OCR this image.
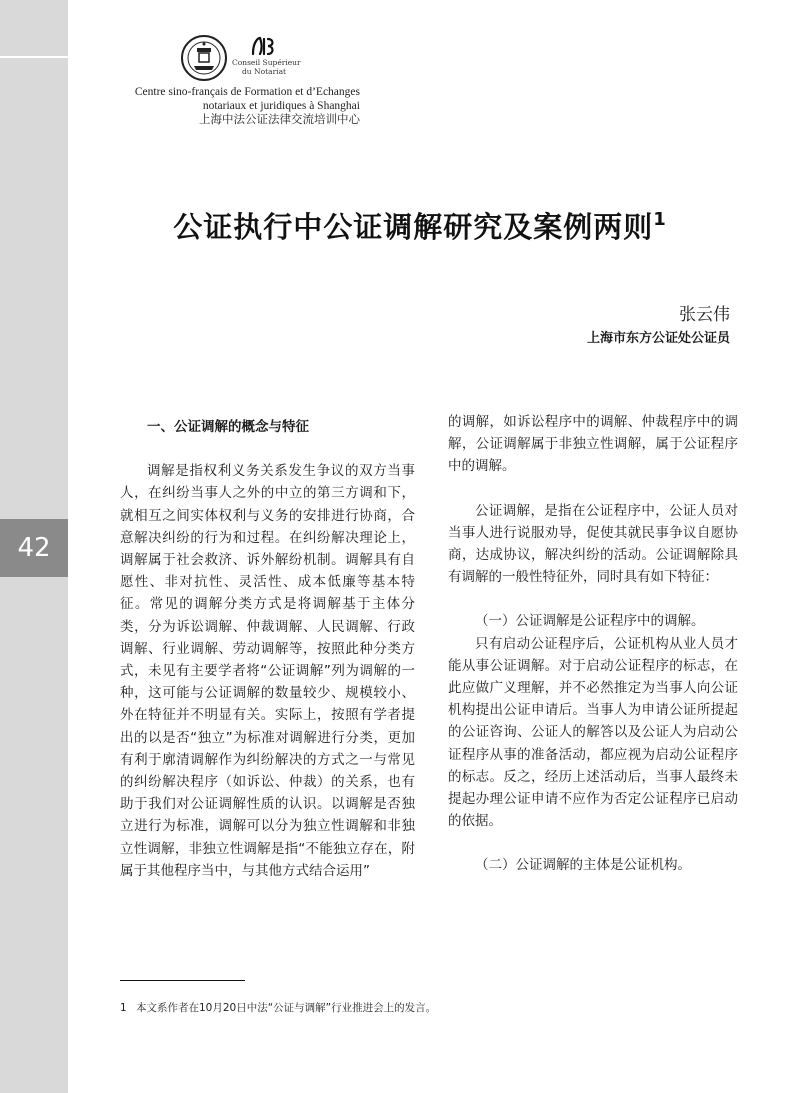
42
Conseil Supérieur
du Notariat
Centre sino-français de Formation et d’Echanges
notariaux et juridiques à Shanghai
上海中法公证法律交流培训中心
公证执行中公证调解研究及案例两则$^1$
张云伟
上海市东方公证处公证员

一、公证调解的概念与特征

调解是指权利义务关系发生争议的双方当事人，在纠纷当事人之外的中立的第三方调和下，就相互之间实体权利与义务的安排进行协商，合意解决纠纷的行为和过程。在纠纷解决理论上，调解属于社会救济、诉外解纷机制。调解具有自愿性、非对抗性、灵活性、成本低廉等基本特征。常见的调解分类方式是将调解基于主体分类，分为诉讼调解、仲裁调解、人民调解、行政调解、行业调解、劳动调解等，按照此种分类方式，未见有主要学者将“公证调解”列为调解的一种，这可能与公证调解的数量较少、规模较小、外在特征并不明显有关。实际上，按照有学者提出的以是否“独立”为标准对调解进行分类，更加有利于廓清调解作为纠纷解决的方式之一与常见的纠纷解决程序（如诉讼、仲裁）的关系，也有助于我们对公证调解性质的认识。以调解是否独立进行为标准，调解可以分为独立性调解和非独立性调解，非独立性调解是指“不能独立存在，附属于其他程序当中，与其他方式结合运用”

的调解，如诉讼程序中的调解、仲裁程序中的调解，公证调解属于非独立性调解，属于公证程序中的调解。

公证调解，是指在公证程序中，公证人员对当事人进行说服劝导，促使其就民事争议自愿协商，达成协议，解决纠纷的活动。公证调解除具有调解的一般性特征外，同时具有如下特征：

（一）公证调解是公证程序中的调解。

只有启动公证程序后，公证机构从业人员才能从事公证调解。对于启动公证程序的标志，在此应做广义理解，并不必然推定为当事人向公证机构提出公证申请后。当事人为申请公证所提起的公证咨询、公证人的解答以及公证人为启动公证程序从事的准备活动，都应视为启动公证程序的标志。反之，经历上述活动后，当事人最终未提起办理公证申请不应作为否定公证程序已启动的依据。

（二）公证调解的主体是公证机构。

1 本文系作者在10月20日中法“公证与调解”行业推进会上的发言。
